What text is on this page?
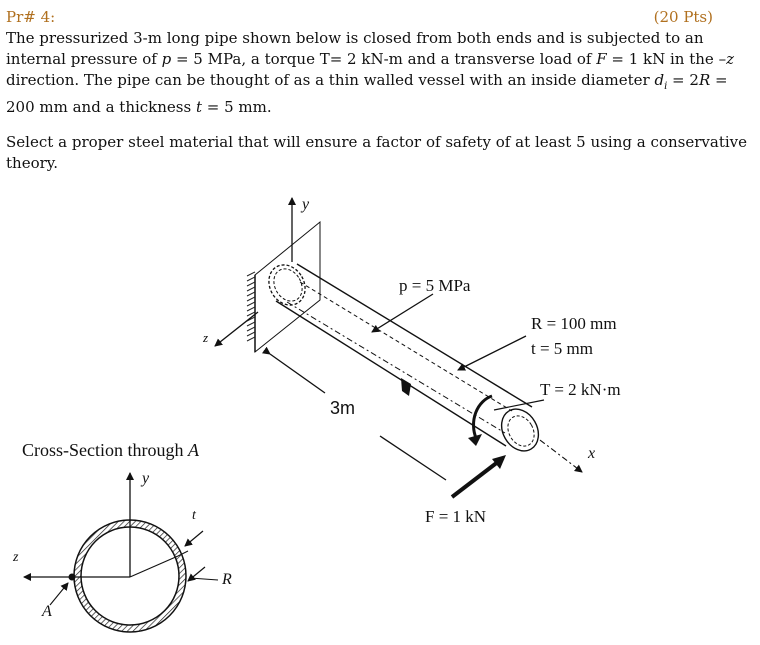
Pr# 4:	(20 Pts)
The pressurized 3-m long pipe shown below is closed from both ends and is subjected to an internal pressure of p = 5 MPa, a torque T= 2 kN-m and a transverse load of F = 1 kN in the –z direction. The pipe can be thought of as a thin walled vessel with an inside diameter $d_i = 2R = 200$ mm and a thickness t = 5 mm.
Select a proper steel material that will ensure a factor of safety of at least 5 using a conservative theory.
y
z
x
p = 5 MPa
R = 100 mm
t = 5 mm
T = 2 kN·m
3m
F = 1 kN
Cross-Section through A
y
z
t
R
A
